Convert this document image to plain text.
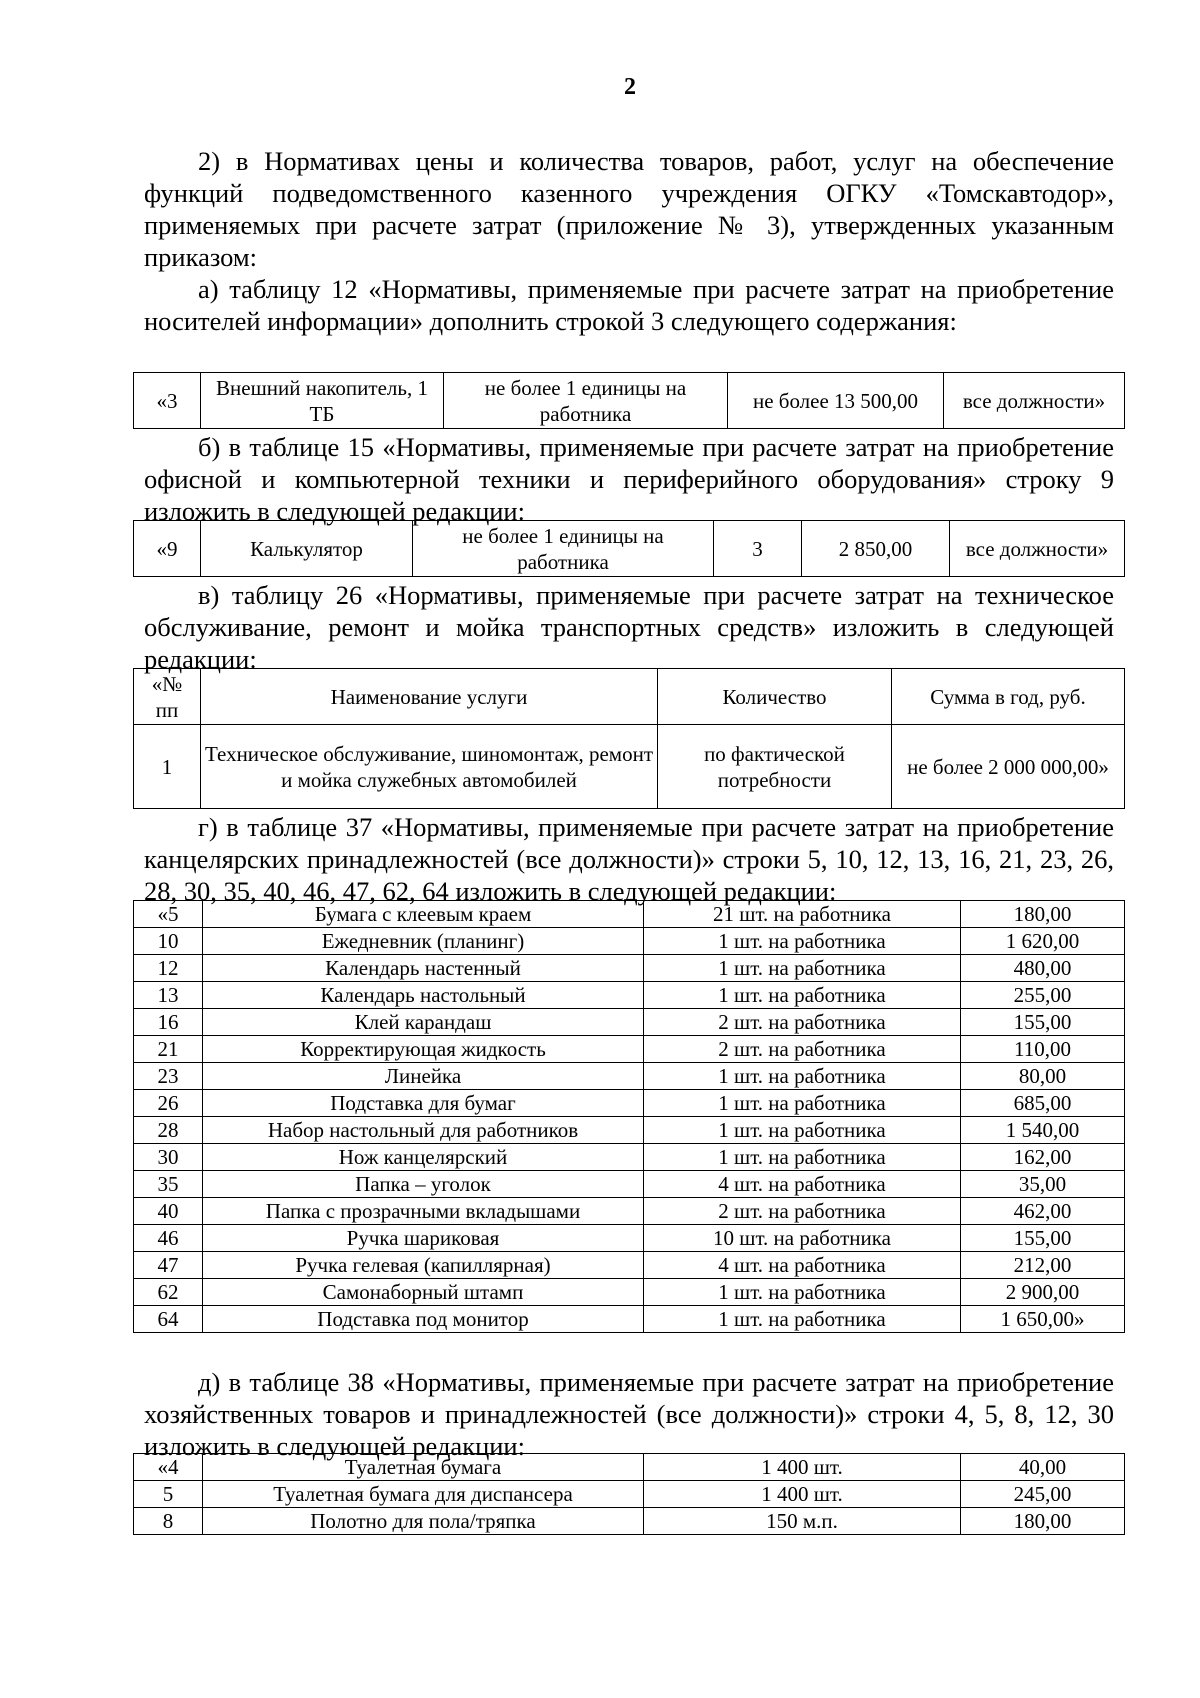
2

2) в Нормативах цены и количества товаров, работ, услуг на обеспечение функций подведомственного казенного учреждения ОГКУ «Томскавтодор», применяемых при расчете затрат (приложение № 3), утвержденных указанным приказом:

а) таблицу 12 «Нормативы, применяемые при расчете затрат на приобретение носителей информации» дополнить строкой 3 следующего содержания:

«3	Внешний накопитель, 1 ТБ	не более 1 единицы на работника	не более 13 500,00	все должности»

б) в таблице 15 «Нормативы, применяемые при расчете затрат на приобретение офисной и компьютерной техники и периферийного оборудования» строку 9 изложить в следующей редакции:

«9	Калькулятор	не более 1 единицы на работника	3	2 850,00	все должности»

в) таблицу 26 «Нормативы, применяемые при расчете затрат на техническое обслуживание, ремонт и мойка транспортных средств» изложить в следующей редакции:

«№ пп	Наименование услуги	Количество	Сумма в год, руб.
1	Техническое обслуживание, шиномонтаж, ремонт и мойка служебных автомобилей	по фактической потребности	не более 2 000 000,00»

г) в таблице 37 «Нормативы, применяемые при расчете затрат на приобретение канцелярских принадлежностей (все должности)» строки 5, 10, 12, 13, 16, 21, 23, 26, 28, 30, 35, 40, 46, 47, 62, 64 изложить в следующей редакции:

«5	Бумага с клеевым краем	21 шт. на работника	180,00
10	Ежедневник (планинг)	1 шт. на работника	1 620,00
12	Календарь настенный	1 шт. на работника	480,00
13	Календарь настольный	1 шт. на работника	255,00
16	Клей карандаш	2 шт. на работника	155,00
21	Корректирующая жидкость	2 шт. на работника	110,00
23	Линейка	1 шт. на работника	80,00
26	Подставка для бумаг	1 шт. на работника	685,00
28	Набор настольный для работников	1 шт. на работника	1 540,00
30	Нож канцелярский	1 шт. на работника	162,00
35	Папка – уголок	4 шт. на работника	35,00
40	Папка с прозрачными вкладышами	2 шт. на работника	462,00
46	Ручка шариковая	10 шт. на работника	155,00
47	Ручка гелевая (капиллярная)	4 шт. на работника	212,00
62	Самонаборный штамп	1 шт. на работника	2 900,00
64	Подставка под монитор	1 шт. на работника	1 650,00»

д) в таблице 38 «Нормативы, применяемые при расчете затрат на приобретение хозяйственных товаров и принадлежностей (все должности)» строки 4, 5, 8, 12, 30 изложить в следующей редакции:

«4	Туалетная бумага	1 400 шт.	40,00
5	Туалетная бумага для диспансера	1 400 шт.	245,00
8	Полотно для пола/тряпка	150 м.п.	180,00
